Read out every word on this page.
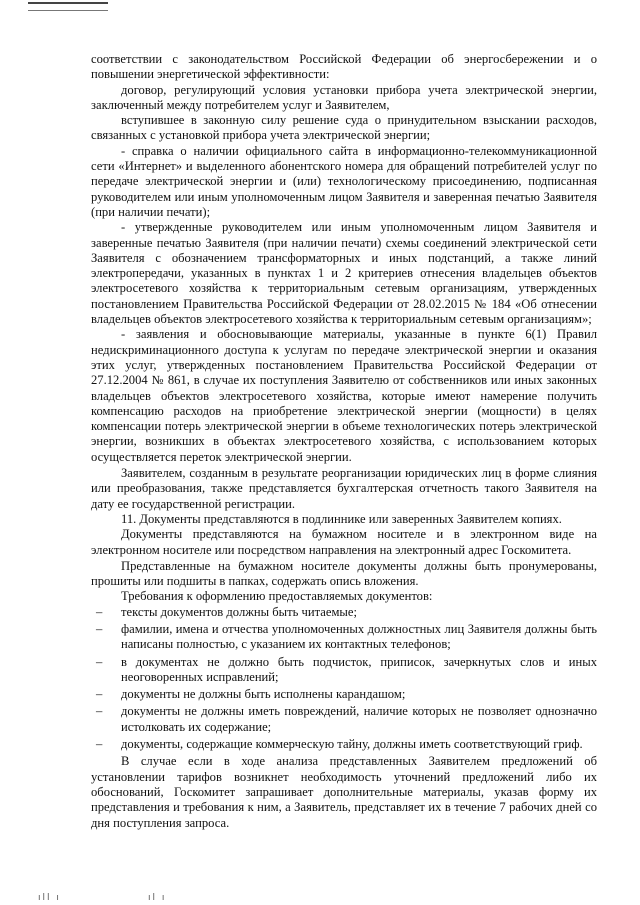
соответствии с законодательством Российской Федерации об энергосбережении и о повышении энергетической эффективности:

договор, регулирующий условия установки прибора учета электрической энергии, заключенный между потребителем услуг и Заявителем,

вступившее в законную силу решение суда о принудительном взыскании расходов, связанных с установкой прибора учета электрической энергии;

- справка о наличии официального сайта в информационно-телекоммуникационной сети «Интернет» и выделенного абонентского номера для обращений потребителей услуг по передаче электрической энергии и (или) технологическому присоединению, подписанная руководителем или иным уполномоченным лицом Заявителя и заверенная печатью Заявителя (при наличии печати);

- утвержденные руководителем или иным уполномоченным лицом Заявителя и заверенные печатью Заявителя (при наличии печати) схемы соединений электрической сети Заявителя с обозначением трансформаторных и иных подстанций, а также линий электропередачи, указанных в пунктах 1 и 2 критериев отнесения владельцев объектов электросетевого хозяйства к территориальным сетевым организациям, утвержденных постановлением Правительства Российской Федерации от 28.02.2015 № 184 «Об отнесении владельцев объектов электросетевого хозяйства к территориальным сетевым организациям»;

- заявления и обосновывающие материалы, указанные в пункте 6(1) Правил недискриминационного доступа к услугам по передаче электрической энергии и оказания этих услуг, утвержденных постановлением Правительства Российской Федерации от 27.12.2004 № 861, в случае их поступления Заявителю от собственников или иных законных владельцев объектов электросетевого хозяйства, которые имеют намерение получить компенсацию расходов на приобретение электрической энергии (мощности) в целях компенсации потерь электрической энергии в объеме технологических потерь электрической энергии, возникших в объектах электросетевого хозяйства, с использованием которых осуществляется переток электрической энергии.

Заявителем, созданным в результате реорганизации юридических лиц в форме слияния или преобразования, также представляется бухгалтерская отчетность такого Заявителя на дату ее государственной регистрации.

11. Документы представляются в подлиннике или заверенных Заявителем копиях.

Документы представляются на бумажном носителе и в электронном виде на электронном носителе или посредством направления на электронный адрес Госкомитета.

Представленные на бумажном носителе документы должны быть пронумерованы, прошиты или подшиты в папках, содержать опись вложения.

Требования к оформлению предоставляемых документов:

– тексты документов должны быть читаемые;
– фамилии, имена и отчества уполномоченных должностных лиц Заявителя должны быть написаны полностью, с указанием их контактных телефонов;
– в документах не должно быть подчисток, приписок, зачеркнутых слов и иных неоговоренных исправлений;
– документы не должны быть исполнены карандашом;
– документы не должны иметь повреждений, наличие которых не позволяет однозначно истолковать их содержание;
– документы, содержащие коммерческую тайну, должны иметь соответствующий гриф.

В случае если в ходе анализа представленных Заявителем предложений об установлении тарифов возникнет необходимость уточнений предложений либо их обоснований, Госкомитет запрашивает дополнительные материалы, указав форму их представления и требования к ним, а Заявитель, представляет их в течение 7 рабочих дней со дня поступления запроса.

ıll ı	ıl ı
